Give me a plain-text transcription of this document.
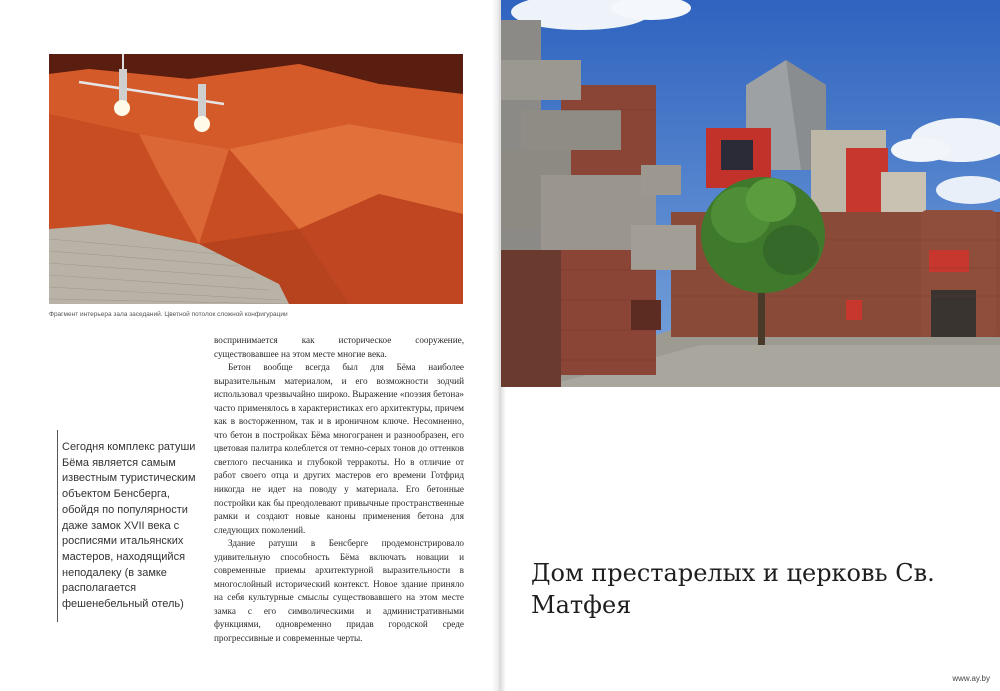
Фрагмент интерьера зала заседаний. Цветной потолок сложной конфигурации
Сегодня комплекс ратуши Бёма является самым известным туристическим объектом Бенсберга, обойдя по популярности даже замок XVII века с росписями итальянских мастеров, находящийся неподалеку (в замке располагается фешенебельный отель)

воспринимается как историческое сооружение, существовавшее на этом месте многие века.

Бетон вообще всегда был для Бёма наиболее выразительным материалом, и его возможности зодчий использовал чрезвычайно широко. Выражение «поэзия бетона» часто применялось в характеристиках его архитектуры, причем как в восторженном, так и в ироничном ключе. Несомненно, что бетон в постройках Бёма многогранен и разнообразен, его цветовая палитра колеблется от темно-серых тонов до оттенков светлого песчаника и глубокой терракоты. Но в отличие от работ своего отца и других мастеров его времени Готфрид никогда не идет на поводу у материала. Его бетонные постройки как бы преодолевают привычные пространственные рамки и создают новые каноны применения бетона для следующих поколений.

Здание ратуши в Бенсберге продемонстрировало удивительную способность Бёма включать новации и современные приемы архитектурной выразительности в многослойный исторический контекст. Новое здание приняло на себя культурные смыслы существовавшего на этом месте замка с его символическими и административными функциями, одновременно придав городской среде прогрессивные и современные черты.

Дом престарелых и церковь Св. Матфея
www.ay.by
